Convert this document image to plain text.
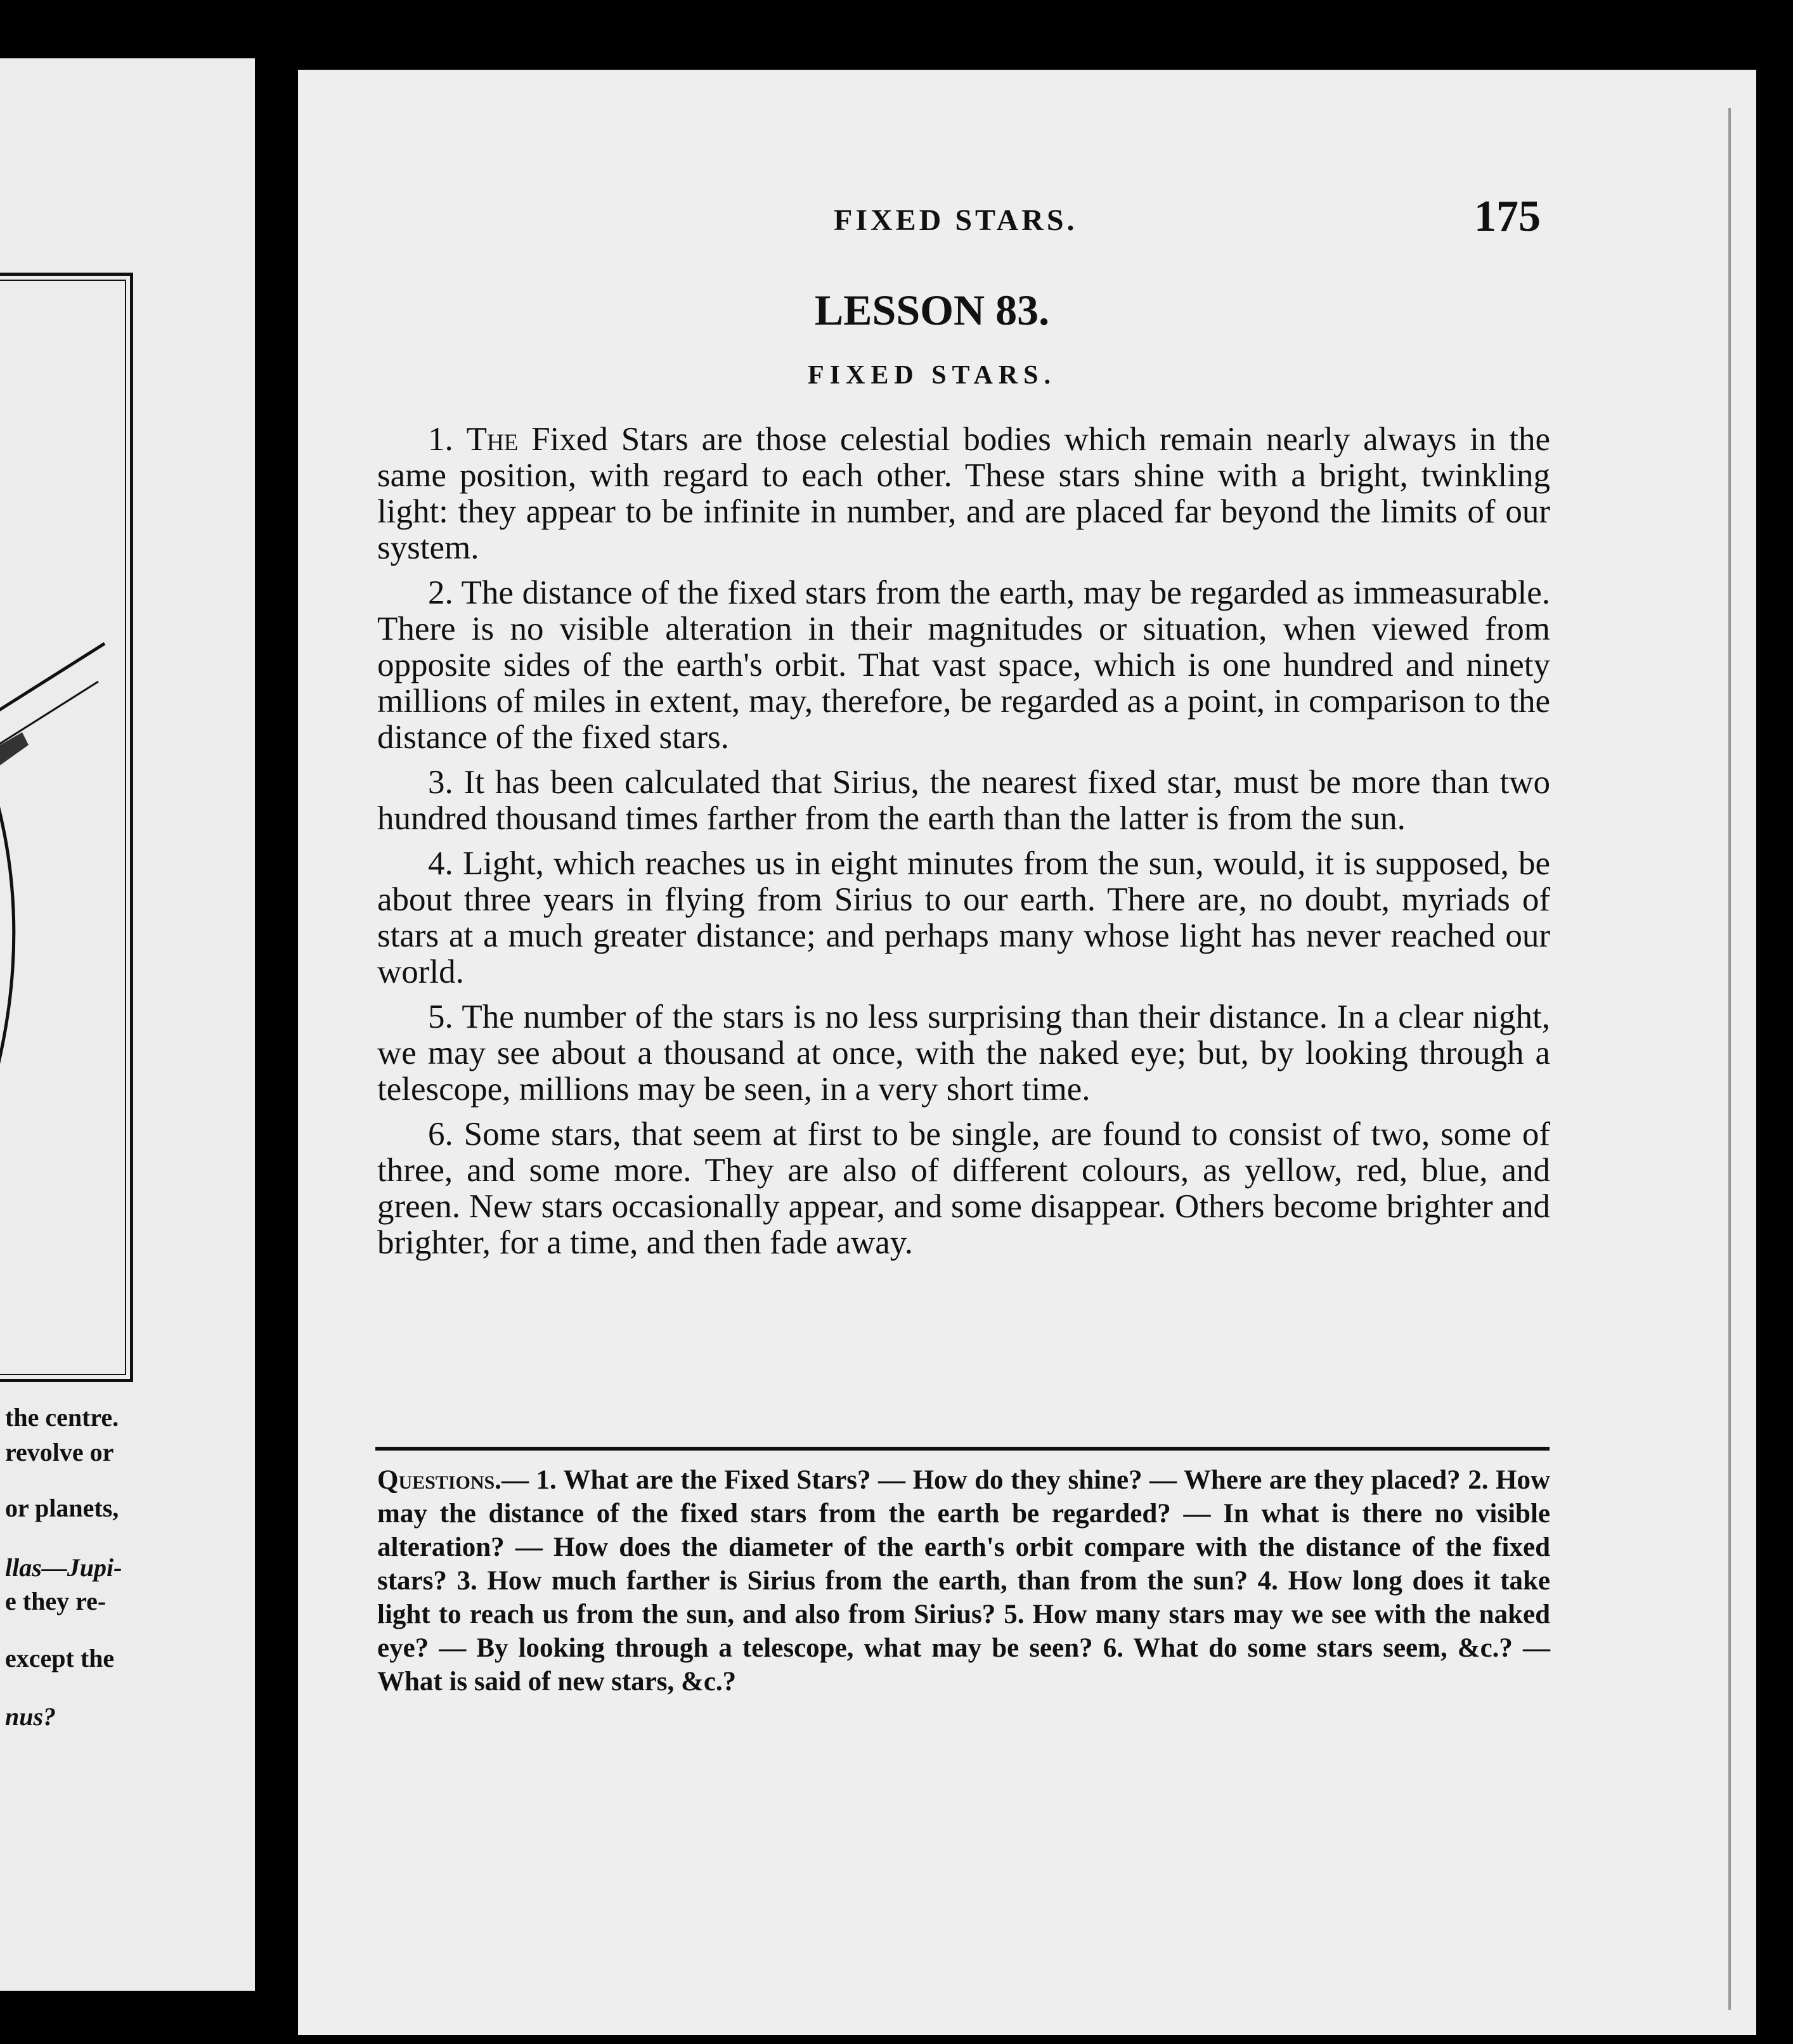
the centre.
revolve or
or planets,
llas—Jupi-
e they re-
except the
nus?
FIXED STARS.	175
LESSON 83.
FIXED STARS.

1. The Fixed Stars are those celestial bodies which remain nearly always in the same position, with regard to each other. These stars shine with a bright, twinkling light: they appear to be infinite in number, and are placed far beyond the limits of our system.

2. The distance of the fixed stars from the earth, may be regarded as immeasurable. There is no visible alteration in their magnitudes or situation, when viewed from opposite sides of the earth's orbit. That vast space, which is one hundred and ninety millions of miles in extent, may, therefore, be regarded as a point, in comparison to the distance of the fixed stars.

3. It has been calculated that Sirius, the nearest fixed star, must be more than two hundred thousand times farther from the earth than the latter is from the sun.

4. Light, which reaches us in eight minutes from the sun, would, it is supposed, be about three years in flying from Sirius to our earth. There are, no doubt, myriads of stars at a much greater distance; and perhaps many whose light has never reached our world.

5. The number of the stars is no less surprising than their distance. In a clear night, we may see about a thousand at once, with the naked eye; but, by looking through a telescope, millions may be seen, in a very short time.

6. Some stars, that seem at first to be single, are found to consist of two, some of three, and some more. They are also of different colours, as yellow, red, blue, and green. New stars occasionally appear, and some disappear. Others become brighter and brighter, for a time, and then fade away.

Questions.— 1. What are the Fixed Stars? — How do they shine? — Where are they placed? 2. How may the distance of the fixed stars from the earth be regarded? — In what is there no visible alteration? — How does the diameter of the earth's orbit compare with the distance of the fixed stars? 3. How much farther is Sirius from the earth, than from the sun? 4. How long does it take light to reach us from the sun, and also from Sirius? 5. How many stars may we see with the naked eye? — By looking through a telescope, what may be seen? 6. What do some stars seem, &c.? — What is said of new stars, &c.?
